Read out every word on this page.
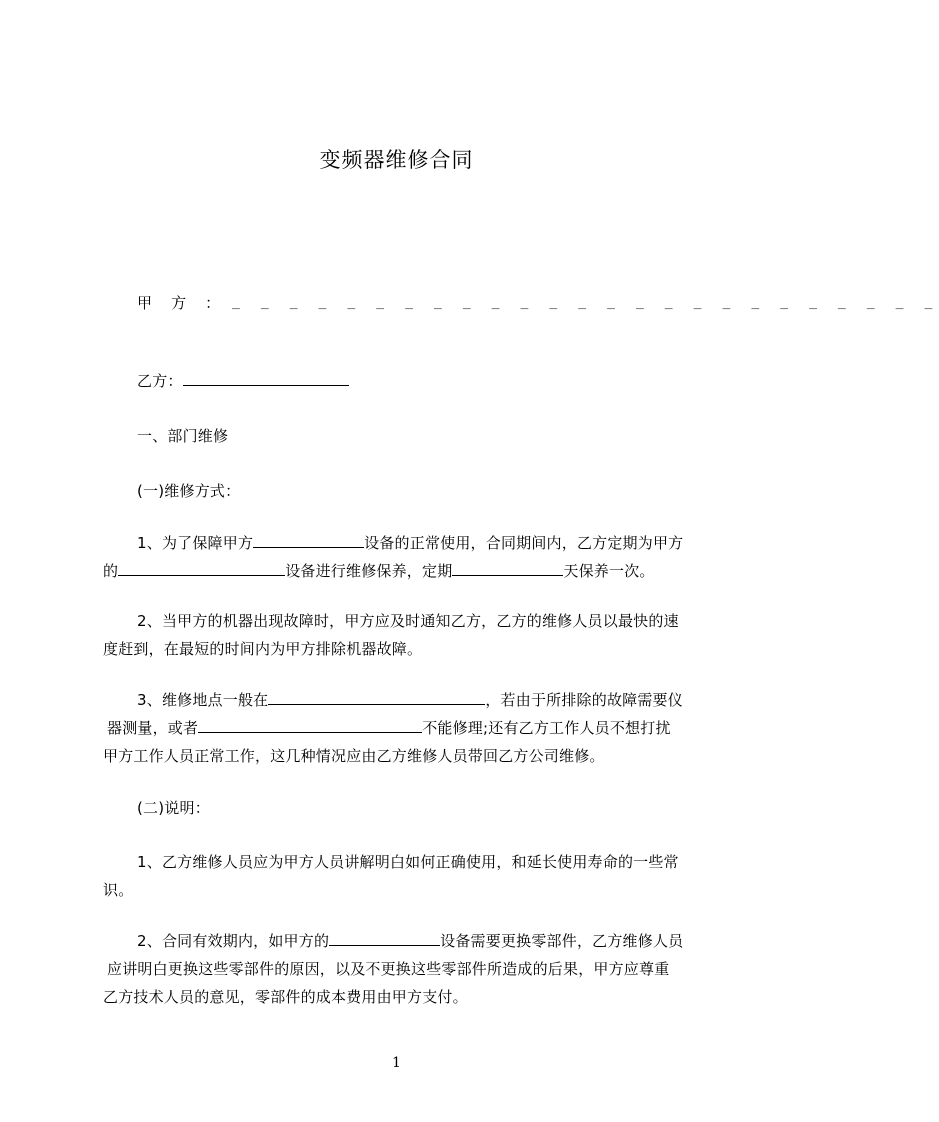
变频器维修合同
甲    方    ： _ _ _ _ _ _ _ _ _ _ _ _ _ _ _ _ _ _ _ _ _ _ _ _ _
乙方：
一、部门维修
(一)维修方式：
1、为了保障甲方	设备的正常使用，合同期间内，乙方定期为甲方
的	设备进行维修保养，定期	天保养一次。
2、当甲方的机器出现故障时，甲方应及时通知乙方，乙方的维修人员以最快的速
度赶到，在最短的时间内为甲方排除机器故障。
3、维修地点一般在	，若由于所排除的故障需要仪
器测量，或者	不能修理;还有乙方工作人员不想打扰
甲方工作人员正常工作，这几种情况应由乙方维修人员带回乙方公司维修。
(二)说明：
1、乙方维修人员应为甲方人员讲解明白如何正确使用，和延长使用寿命的一些常
识。
2、合同有效期内，如甲方的	设备需要更换零部件，乙方维修人员
应讲明白更换这些零部件的原因，以及不更换这些零部件所造成的后果，甲方应尊重
乙方技术人员的意见，零部件的成本费用由甲方支付。
1
